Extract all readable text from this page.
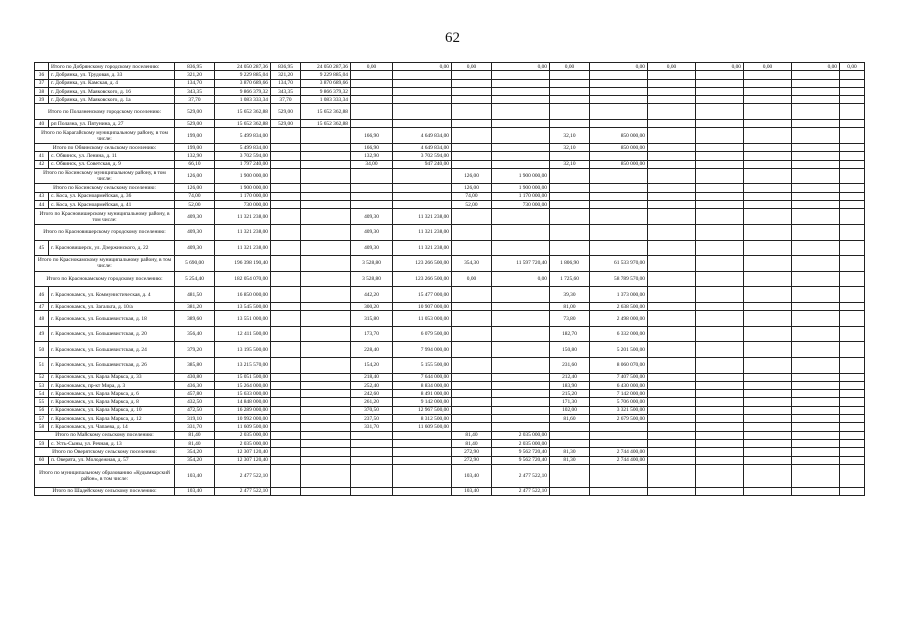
62
	Итого по Добрянскому городскому поселению:	836,95	24 050 287,36	836,95	24 050 287,36	0,00	0,00	0,00	0,00	0,00	0,00	0,00	0,00	0,00	0,00	0,00
36	г. Добрянка, ул. Трудовая, д. 33	321,20	9 229 885,04	321,20	9 229 885,04											
37	г. Добрянка, ул. Камская, д. 4	134,70	3 870 689,66	134,70	3 870 689,66											
38	г. Добрянка, ул. Маяковского, д. 16	343,35	9 866 379,32	343,35	9 866 379,32											
39	г. Добрянка, ул. Маяковского, д. 1а	37,70	1 083 333,34	37,70	1 083 333,34											
Итого по Полазненскому городскому поселению:		529,00	15 652 362,88	529,00	15 652 362,88											
40	рп Полазна, ул. Пятунина, д. 27	529,00	15 652 362,88	529,00	15 652 362,88											
Итого по Карагайскому муниципальному району, в том числе:		199,00	5 499 834,00			166,90	4 649 834,00			32,10	850 000,00					
Итого по Обвинскому сельскому поселению:		199,00	5 499 834,00			166,90	4 649 834,00			32,10	850 000,00					
41	с. Обвинск, ул. Ленина, д. 11	132,90	3 702 594,00			132,90	3 702 594,00									
42	с. Обвинск, ул. Советская, д. 9	66,10	1 797 240,00			34,00	947 240,00			32,10	850 000,00					
Итого по Косинскому муниципальному району, в том числе:		126,00	1 900 000,00					126,00	1 900 000,00							
Итого по Косинскому сельскому поселению:		126,00	1 900 000,00					126,00	1 900 000,00							
43	с. Коса, ул. Красноармейская, д. 36	74,00	1 170 000,00					74,00	1 170 000,00							
44	с. Коса, ул. Красноармейская, д. 41	52,00	730 000,00					52,00	730 000,00							
Итого по Красновишерскому муниципальному району, в том числе:		409,30	11 321 238,00			409,30	11 321 238,00									
Итого по Красновишерскому городскому поселению:		409,30	11 321 238,00			409,30	11 321 238,00									
45	г. Красновишерск, ул. Дзержинского, д. 22	409,30	11 321 238,00			409,30	11 321 238,00									
Итого по Краснокамскому муниципальному району, в том числе:		5 690,00	196 398 190,40			3 528,80	123 266 500,00	354,30	11 597 720,40	1 806,90	61 533 970,00					
Итого по Краснокамскому городскому поселению:		5 254,40	182 054 070,00			3 528,80	123 266 500,00	0,00	0,00	1 725,60	58 789 570,00					
46	г. Краснокамск, ул. Коммунистическая, д. 4	481,50	16 850 000,00			442,20	15 477 000,00			39,30	1 373 000,00					
47	г. Краснокамск, ул. Загальта, д. 10/а	381,20	13 545 500,00			300,20	10 907 000,00			81,00	2 638 500,00					
48	г. Краснокамск, ул. Большевистская, д. 18	389,60	13 551 000,00			315,80	11 053 000,00			73,80	2 498 000,00					
49	г. Краснокамск, ул. Большевистская, д. 20	356,40	12 411 500,00			173,70	6 079 500,00			182,70	6 332 000,00					
50	г. Краснокамск, ул. Большевистская, д. 24	379,20	13 195 500,00			228,40	7 994 000,00			150,80	5 201 500,00					
51	г. Краснокамск, ул. Большевистская, д. 26	385,80	13 215 570,00			154,20	5 155 500,00			231,60	8 060 070,00					
52	г. Краснокамск, ул. Карла Маркса, д. 33	430,80	15 051 500,00			218,40	7 644 000,00			212,40	7 407 500,00					
53	г. Краснокамск, пр-кт Мира, д. 3	436,30	15 264 000,00			252,40	8 834 000,00			183,90	6 430 000,00					
54	г. Краснокамск, ул. Карла Маркса, д. 6	457,80	15 633 000,00			242,60	8 491 000,00			215,20	7 142 000,00					
55	г. Краснокамск, ул. Карла Маркса, д. 8	432,50	14 848 000,00			261,20	9 142 000,00			171,30	5 706 000,00					
56	г. Краснокамск, ул. Карла Маркса, д. 10	472,50	16 289 000,00			370,50	12 967 500,00			102,00	3 321 500,00					
57	г. Краснокамск, ул. Карла Маркса, д. 12	319,10	10 992 000,00			237,50	8 312 500,00			81,60	2 679 500,00					
58	г. Краснокамск, ул. Чапаева, д. 14	331,70	11 609 500,00			331,70	11 609 500,00									
Итого по Майскому сельскому поселению:		81,40	2 035 000,00					81,40	2 035 000,00							
59	с. Усть-Сыны, ул. Речная, д. 13	81,40	2 035 000,00					81,40	2 035 000,00							
Итого по Оверятскому сельскому поселению:		354,20	12 307 120,40					272,90	9 562 720,40	81,30	2 744 400,00					
60	п. Оверята, ул. Молодежная, д. 57	354,20	12 307 120,40					272,90	9 562 720,40	81,30	2 744 400,00					
Итого по муниципальному образованию «Кудымкарский район», в том числе:		103,40	2 477 522,10					103,40	2 477 522,10							
Итого по Шадейскому сельскому поселению:		103,40	2 477 522,10					103,40	2 477 522,10							
